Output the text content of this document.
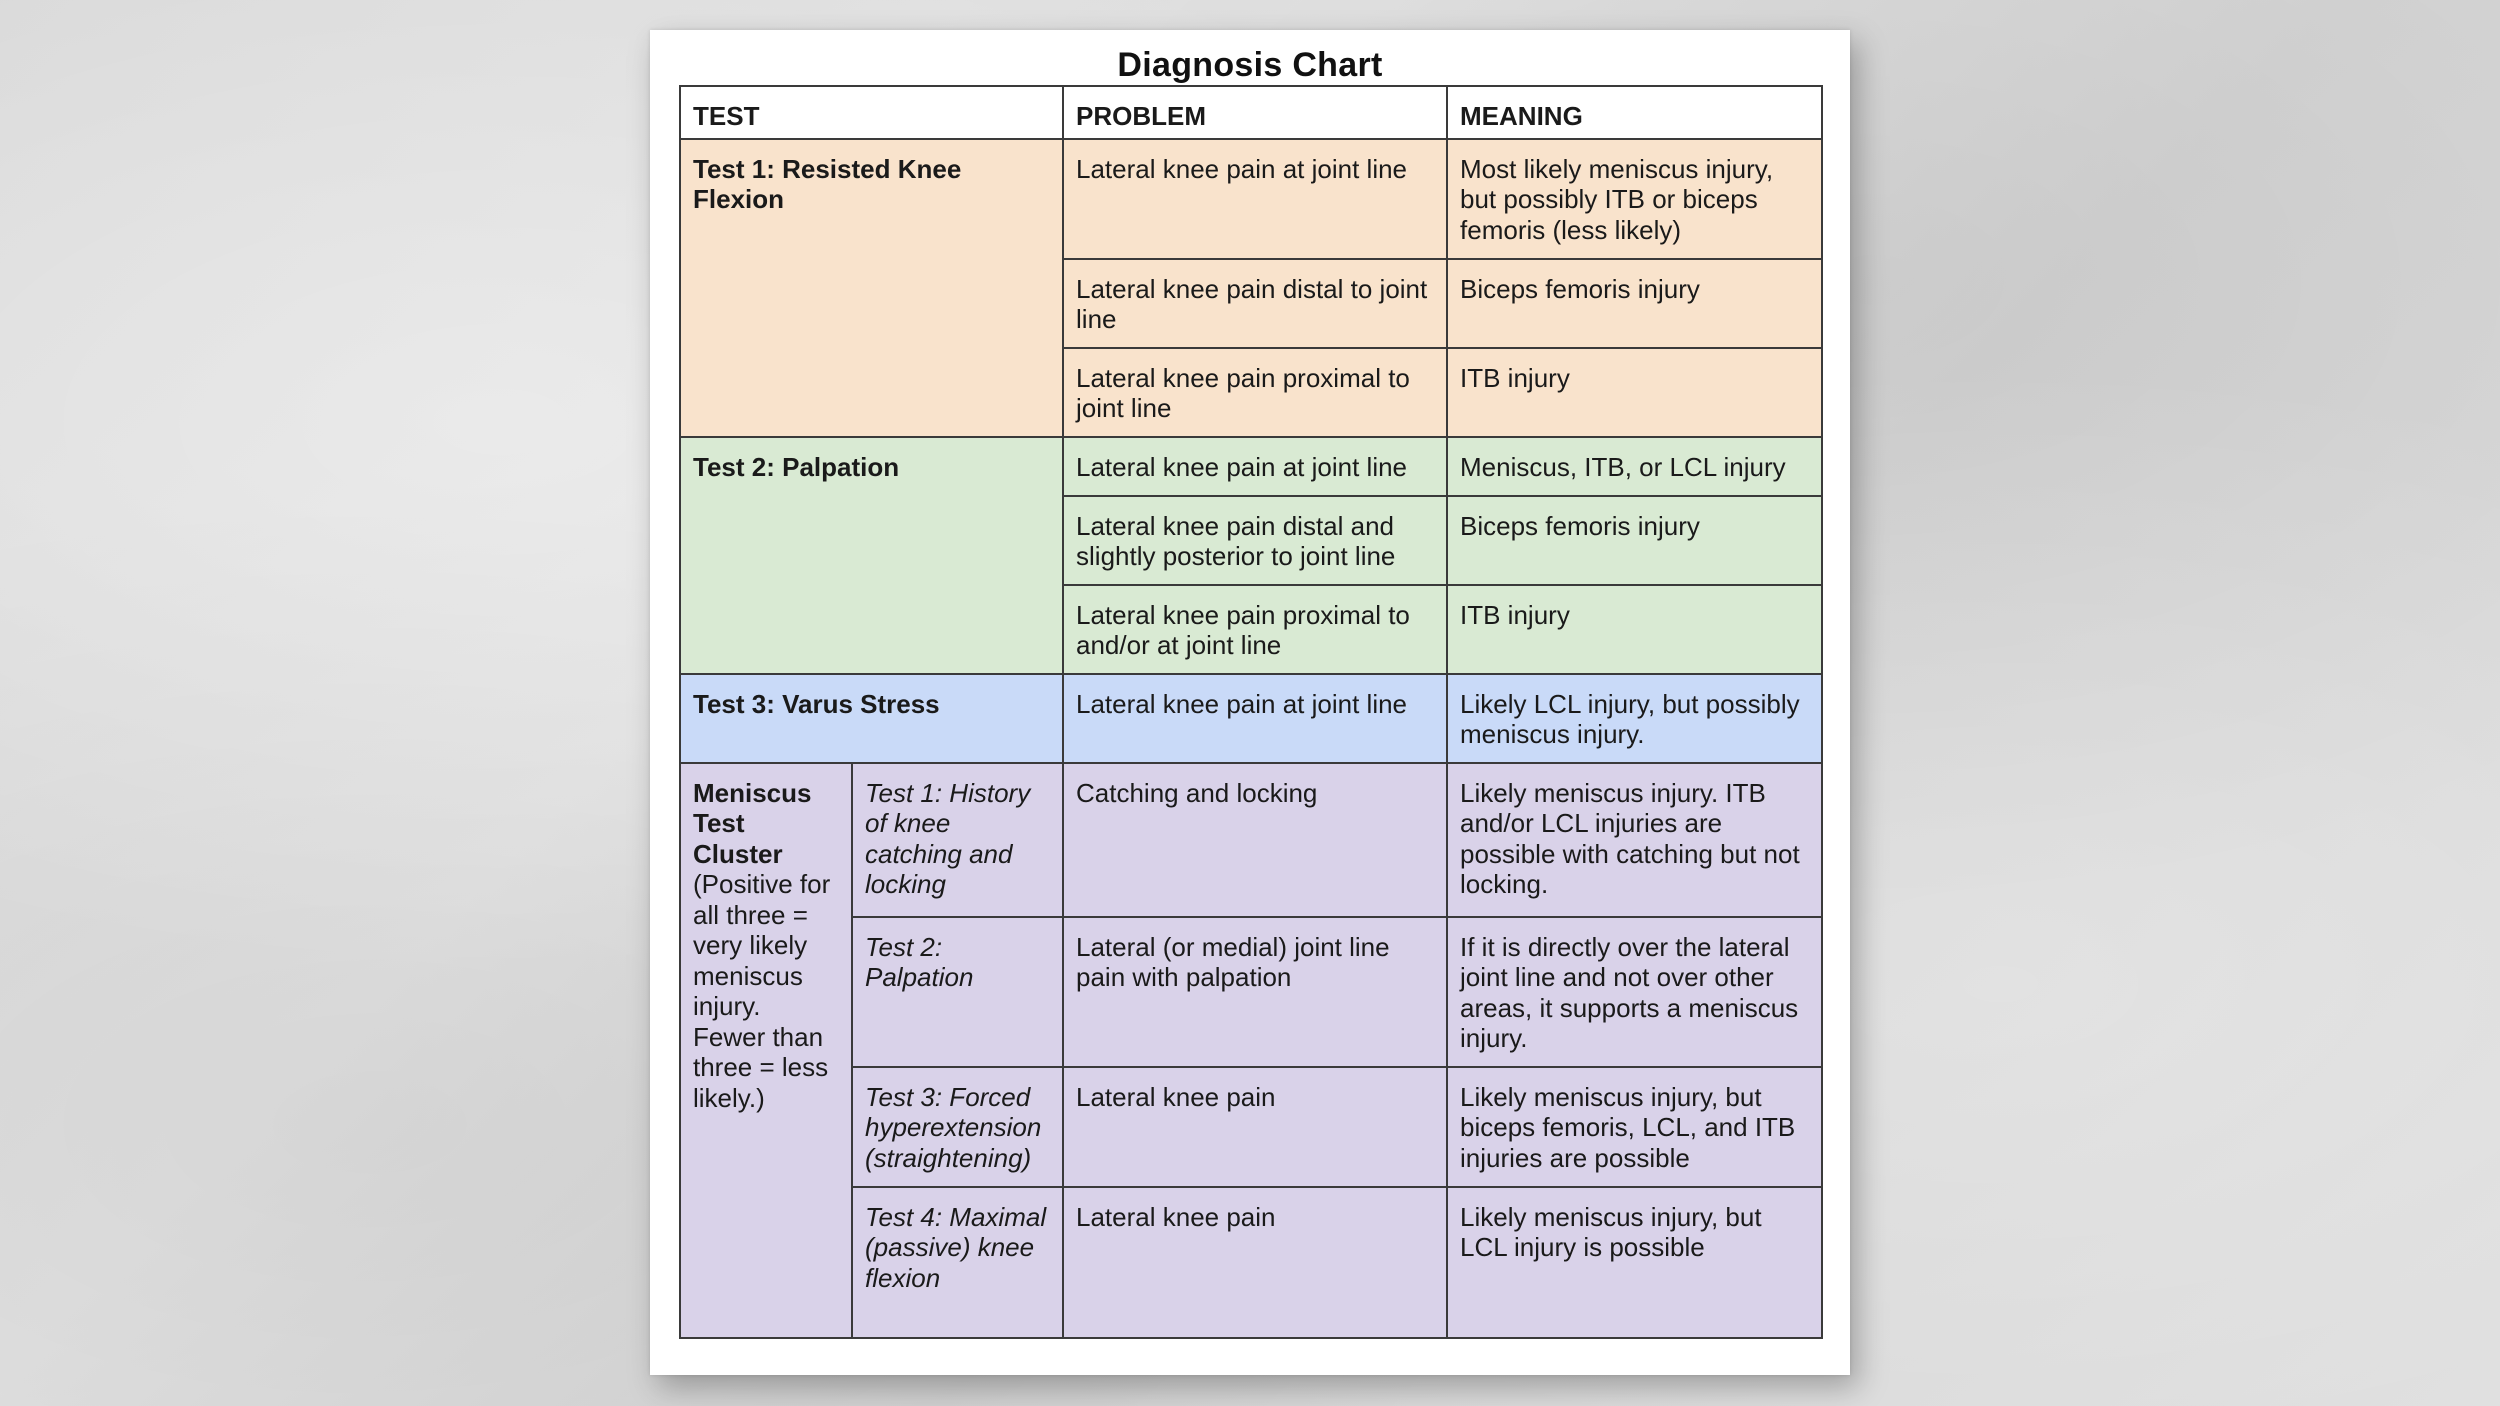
Diagnosis Chart
TEST		PROBLEM	MEANING
Test 1: Resisted Knee Flexion		Lateral knee pain at joint line	Most likely meniscus injury, but possibly ITB or biceps femoris (less likely)
		Lateral knee pain distal to joint line	Biceps femoris injury
		Lateral knee pain proximal to joint line	ITB injury
Test 2: Palpation		Lateral knee pain at joint line	Meniscus, ITB, or LCL injury
		Lateral knee pain distal and slightly posterior to joint line	Biceps femoris injury
		Lateral knee pain proximal to and/or at joint line	ITB injury
Test 3: Varus Stress		Lateral knee pain at joint line	Likely LCL injury, but possibly meniscus injury.
Meniscus Test Cluster (Positive for all three = very likely meniscus injury. Fewer than three = less likely.)	Test 1: History of knee catching and locking	Catching and locking	Likely meniscus injury. ITB and/or LCL injuries are possible with catching but not locking.
	Test 2: Palpation	Lateral (or medial) joint line pain with palpation	If it is directly over the lateral joint line and not over other areas, it supports a meniscus injury.
	Test 3: Forced hyperextension (straightening)	Lateral knee pain	Likely meniscus injury, but biceps femoris, LCL, and ITB injuries are possible
	Test 4: Maximal (passive) knee flexion	Lateral knee pain	Likely meniscus injury, but LCL injury is possible
